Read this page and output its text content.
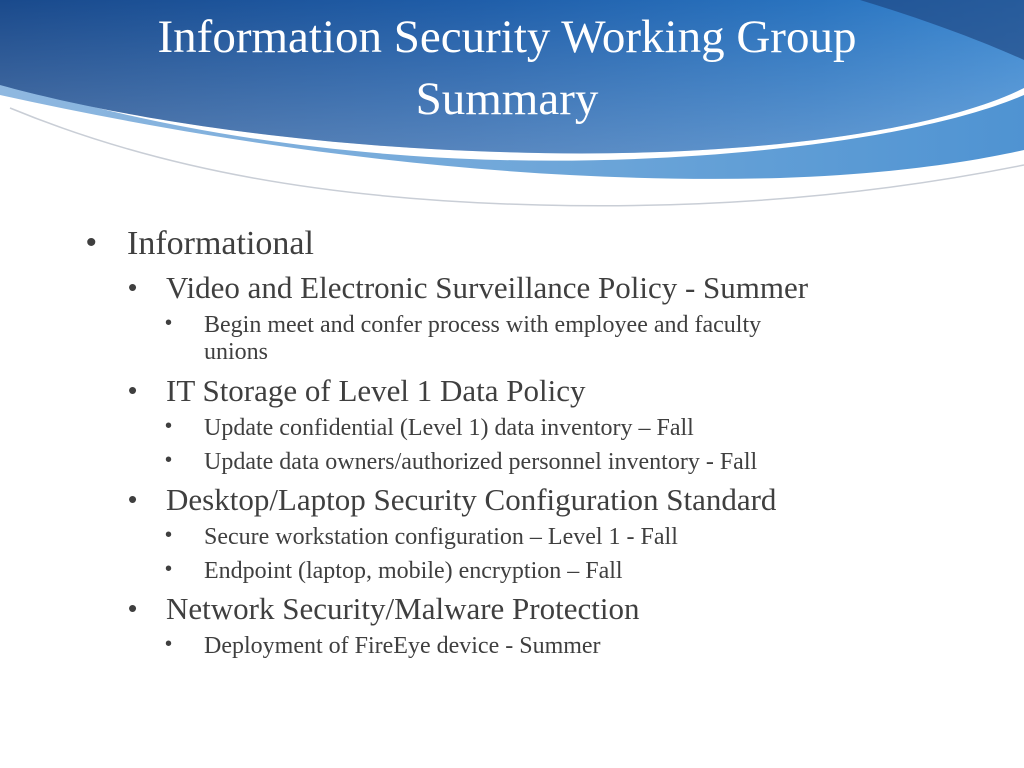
Information Security Working Group
Summary
• Informational
• Video and Electronic Surveillance Policy - Summer
• Begin meet and confer process with employee and faculty
unions
• IT Storage of Level 1 Data Policy
• Update confidential (Level 1) data inventory – Fall
• Update data owners/authorized personnel inventory - Fall
• Desktop/Laptop Security Configuration Standard
• Secure workstation configuration – Level 1 - Fall
• Endpoint (laptop, mobile) encryption – Fall
• Network Security/Malware Protection
• Deployment of FireEye device - Summer
